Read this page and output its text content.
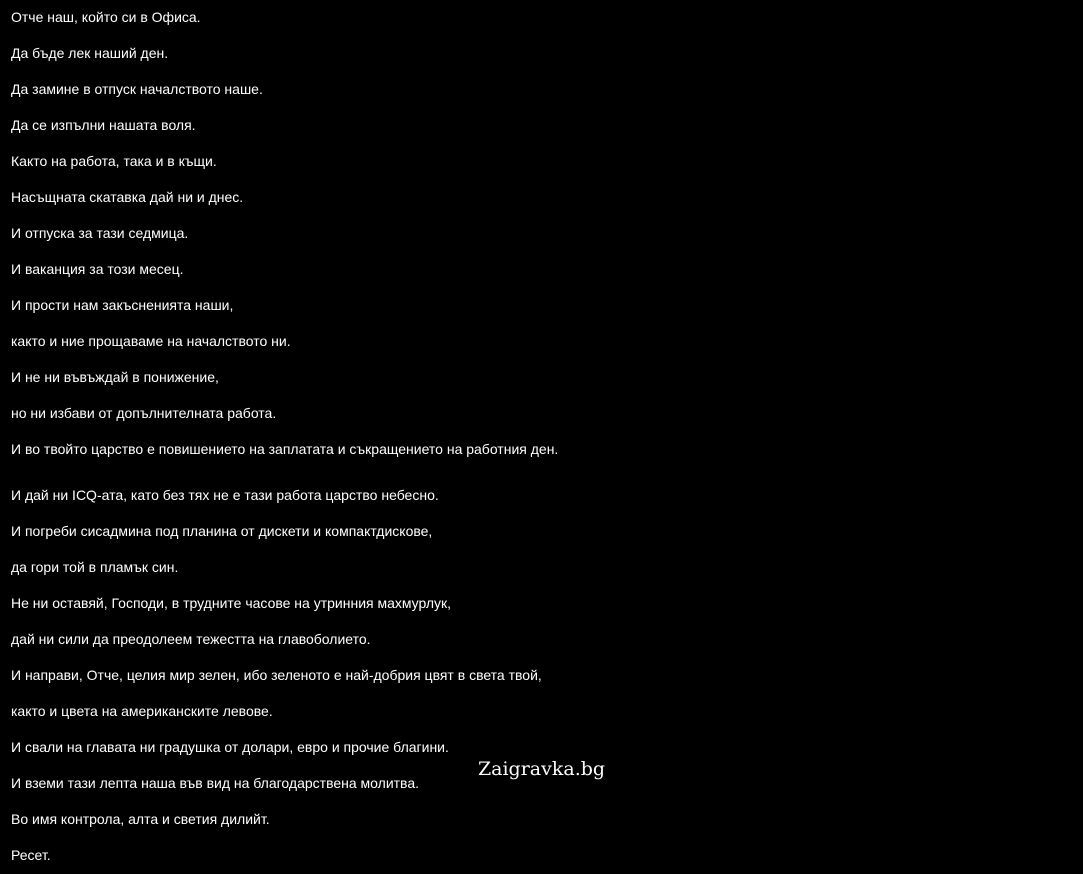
Отче наш, който си в Офиса.

Да бъде лек наший ден.

Да замине в отпуск началството наше.

Да се изпълни нашата воля.

Както на работа, така и в къщи.

Насъщната скатавка дай ни и днес.

И отпуска за тази седмица.

И ваканция за този месец.

И прости нам закъсненията наши,

както и ние прощаваме на началството ни.

И не ни въвъждай в понижение,

но ни избави от допълнителната работа.

И во твойто царство е повишението на заплатата и съкращението на работния ден.

И дай ни ICQ-ата, като без тях не е тази работа царство небесно.

И погреби сисадмина под планина от дискети и компактдискове,

да гори той в пламък син.

Не ни оставяй, Господи, в трудните часове на утринния махмурлук,

дай ни сили да преодолеем тежестта на главоболието.

И направи, Отче, целия мир зелен, ибо зеленото е най-добрия цвят в света твой,

както и цвета на американските левове.

И свали на главата ни градушка от долари, евро и прочие благини.

И вземи тази лепта наша във вид на благодарствена молитва.

Во имя контрола, алта и светия дилийт.

Ресет.

Zaigravka.bg
